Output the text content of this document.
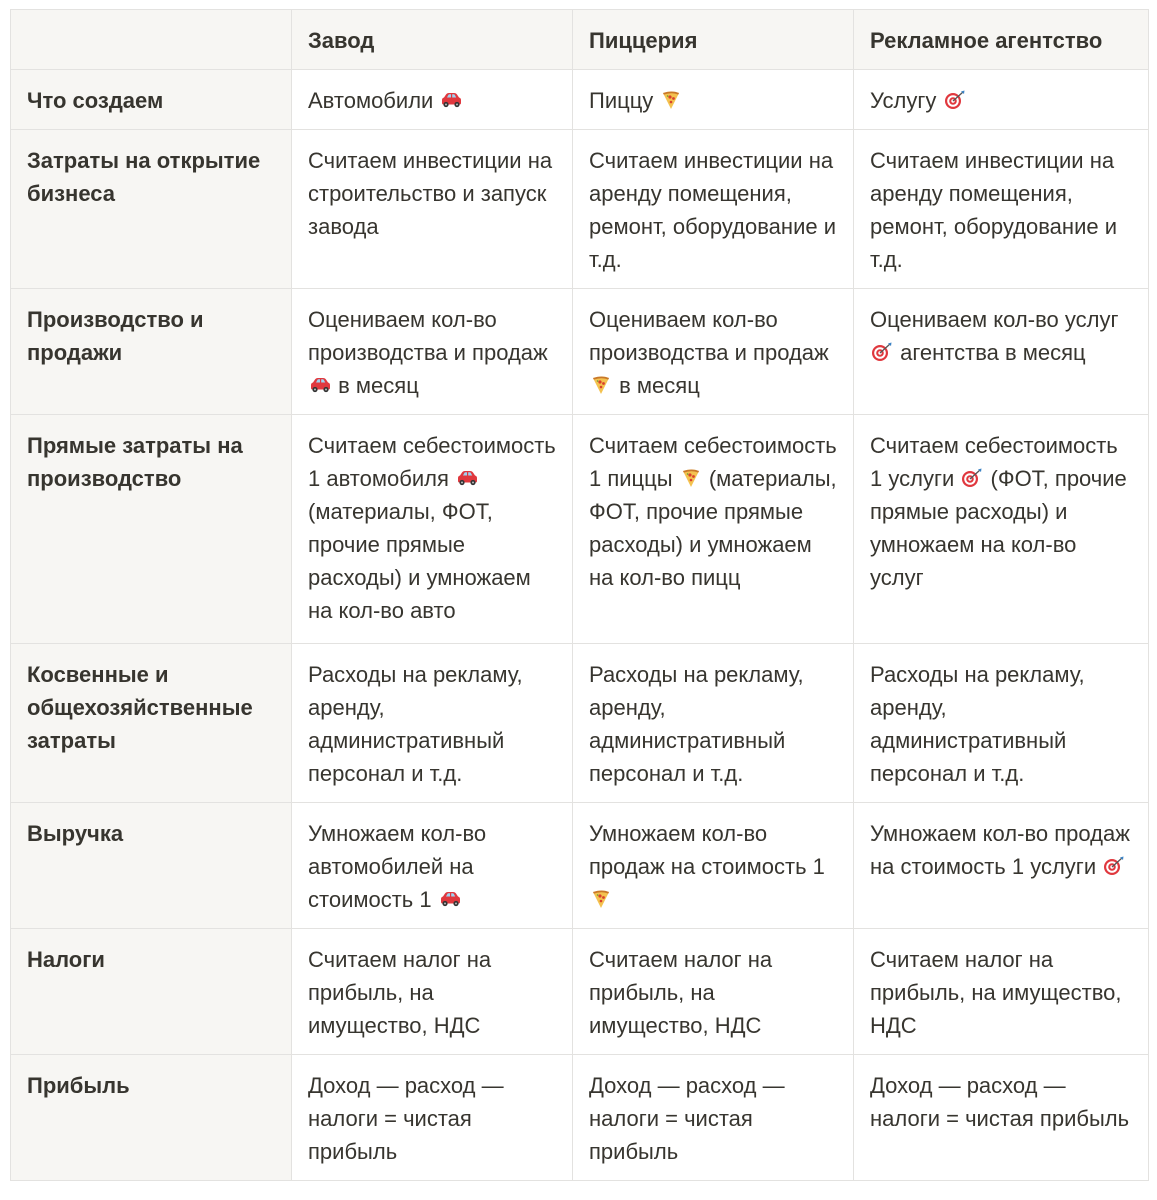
	Завод	Пиццерия	Рекламное агентство
Что создаем	Автомобили	Пиццу	Услугу
Затраты на открытие бизнеса	Считаем инвестиции на строительство и запуск завода	Считаем инвестиции на аренду помещения, ремонт, оборудование и т.д.	Считаем инвестиции на аренду помещения, ремонт, оборудование и т.д.
Производство и продажи	Оцениваем кол-во производства и продаж  в месяц	Оцениваем кол-во производства и продаж  в месяц	Оцениваем кол-во услуг  агентства в месяц
Прямые затраты на производство	Считаем себестоимость 1 автомобиля  (материалы, ФОТ, прочие прямые расходы) и умножаем на кол-во авто	Считаем себестоимость 1 пиццы (материалы, ФОТ, прочие прямые расходы) и умножаем на кол-во пицц	Считаем себестоимость 1 услуги (ФОТ, прочие прямые расходы) и умножаем на кол-во услуг
Косвенные и общехозяйственные затраты	Расходы на рекламу, аренду, административный персонал и т.д.	Расходы на рекламу, аренду, административный персонал и т.д.	Расходы на рекламу, аренду, административный персонал и т.д.
Выручка	Умножаем кол-во автомобилей на стоимость 1	Умножаем кол-во продаж на стоимость 1	Умножаем кол-во продаж на стоимость 1 услуги
Налоги	Считаем налог на прибыль, на имущество, НДС	Считаем налог на прибыль, на имущество, НДС	Считаем налог на прибыль, на имущество, НДС
Прибыль	Доход — расход — налоги = чистая прибыль	Доход — расход — налоги = чистая прибыль	Доход — расход — налоги = чистая прибыль
